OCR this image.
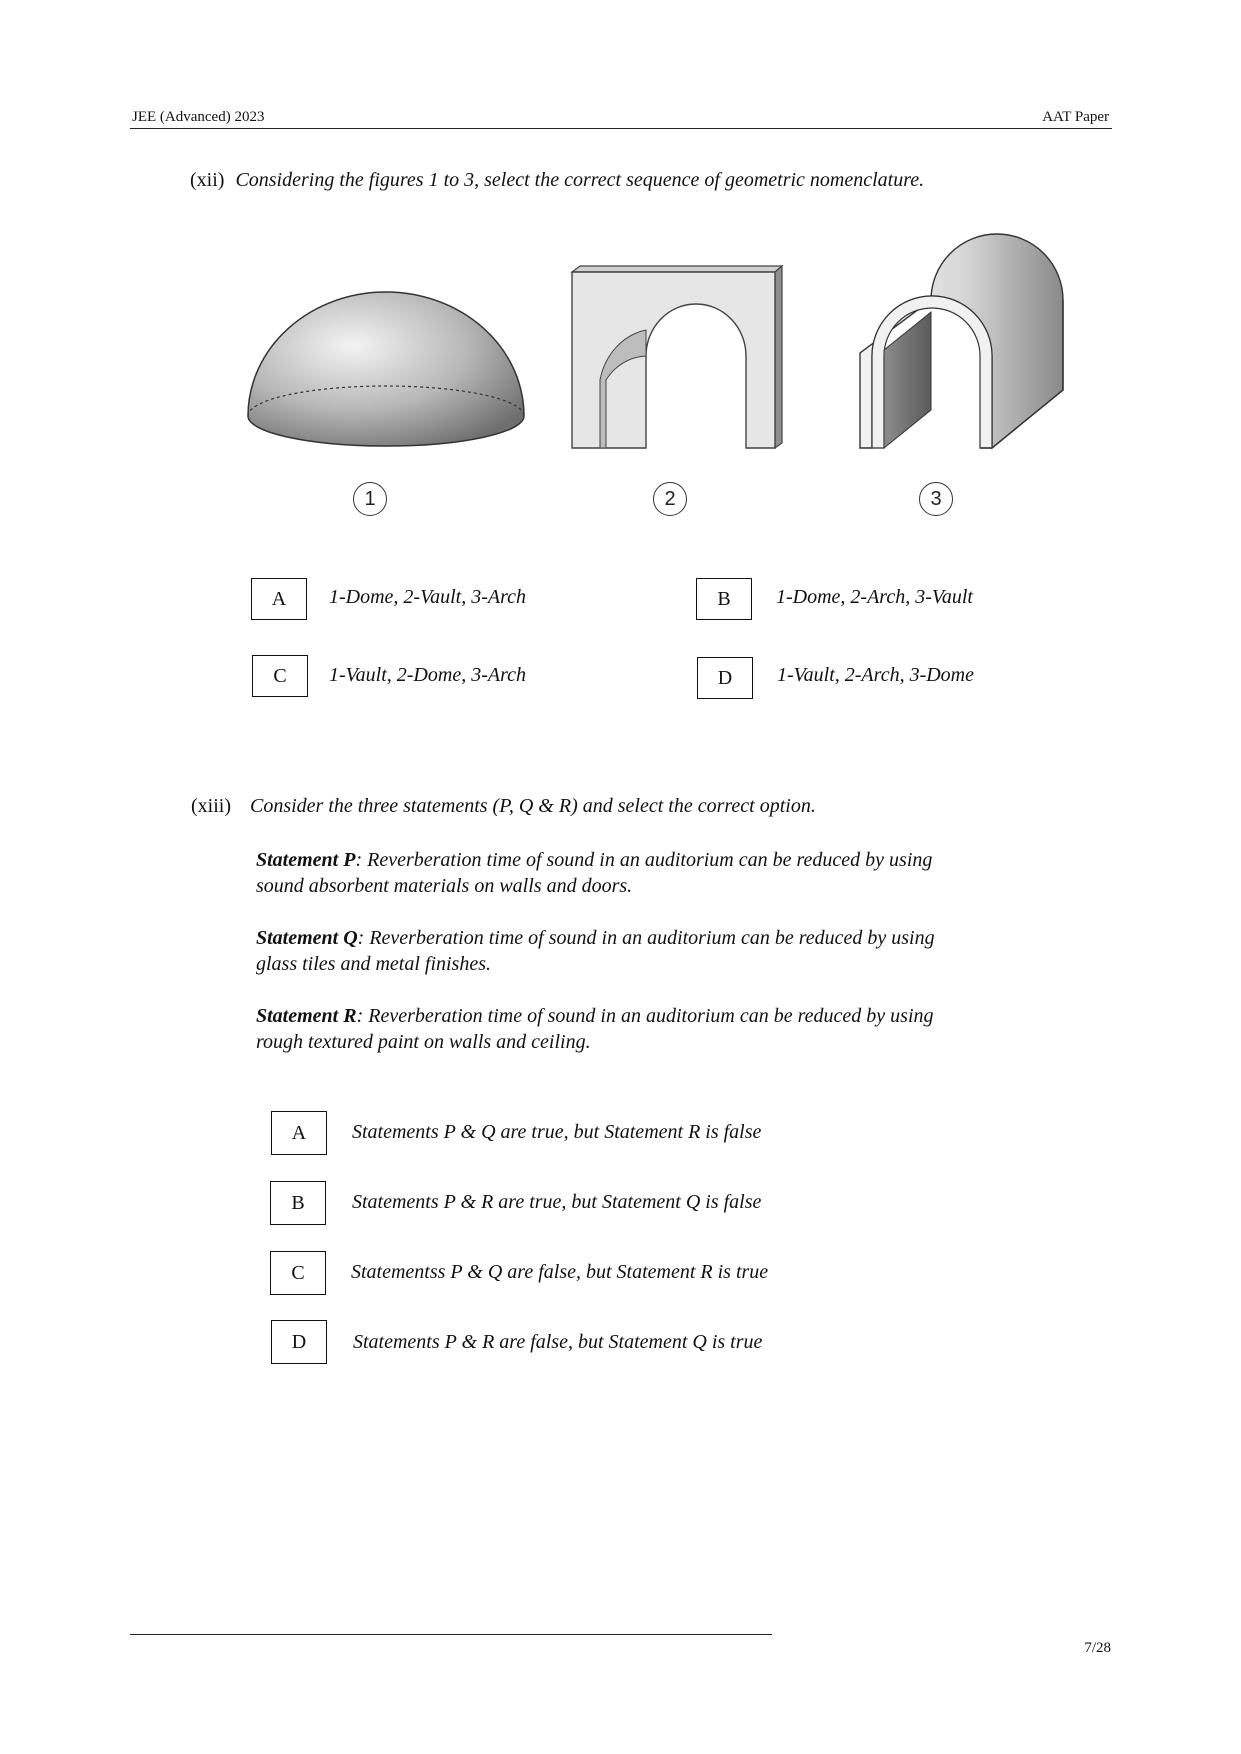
JEE (Advanced) 2023	AAT Paper
(xii) Considering the figures 1 to 3, select the correct sequence of geometric nomenclature.
1	2	3
A	1-Dome, 2-Vault, 3-Arch	B	1-Dome, 2-Arch, 3-Vault
C	1-Vault, 2-Dome, 3-Arch	D	1-Vault, 2-Arch, 3-Dome
(xiii) Consider the three statements (P, Q & R) and select the correct option.
Statement P: Reverberation time of sound in an auditorium can be reduced by using
sound absorbent materials on walls and doors.
Statement Q: Reverberation time of sound in an auditorium can be reduced by using
glass tiles and metal finishes.
Statement R: Reverberation time of sound in an auditorium can be reduced by using
rough textured paint on walls and ceiling.
A	Statements P & Q are true, but Statement R is false
B	Statements P & R are true, but Statement Q is false
C	Statementss P & Q are false, but Statement R is true
D	Statements P & R are false, but Statement Q is true
7/28
